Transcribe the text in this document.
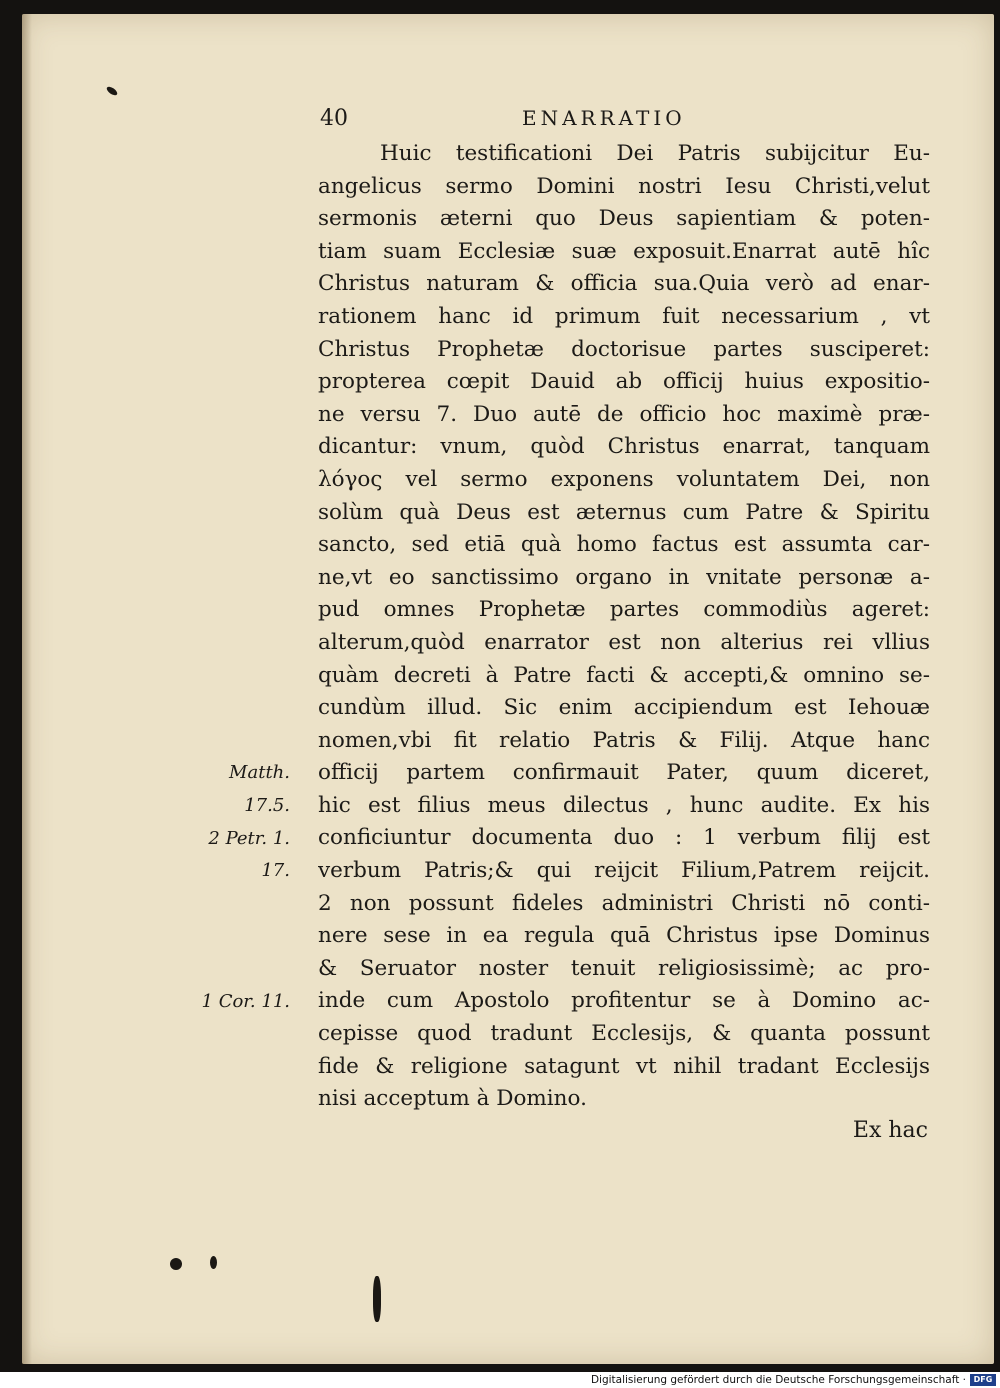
40	ENARRATIO
Huic testificationi Dei Patris subijcitur Eu-
angelicus sermo Domini nostri Iesu Christi,velut
sermonis æterni quo Deus sapientiam & poten-
tiam suam Ecclesiæ suæ exposuit.Enarrat autē hîc
Christus naturam & officia sua.Quia verò ad enar-
rationem hanc id primum fuit necessarium , vt
Christus Prophetæ doctorisue partes susciperet:
propterea cœpit Dauid ab officij huius expositio-
ne versu 7. Duo autē de officio hoc maximè præ-
dicantur: vnum, quòd Christus enarrat, tanquam
λόγος vel sermo exponens voluntatem Dei, non
solùm quà Deus est æternus cum Patre & Spiritu
sancto, sed etiā quà homo factus est assumta car-
ne,vt eo sanctissimo organo in vnitate personæ a-
pud omnes Prophetæ partes commodiùs ageret:
alterum,quòd enarrator est non alterius rei vllius
quàm decreti à Patre facti & accepti,& omnino se-
cundùm illud. Sic enim accipiendum est Iehouæ
nomen,vbi fit relatio Patris & Filij. Atque hanc
officij partem confirmauit Pater, quum diceret,
hic est filius meus dilectus , hunc audite. Ex his
conficiuntur documenta duo : 1 verbum filij est
verbum Patris;& qui reijcit Filium,Patrem reijcit.
2 non possunt fideles administri Christi nō conti-
nere sese in ea regula quā Christus ipse Dominus
& Seruator noster tenuit religiosissimè; ac pro-
inde cum Apostolo profitentur se à Domino ac-
cepisse quod tradunt Ecclesijs, & quanta possunt
fide & religione satagunt vt nihil tradant Ecclesijs
nisi acceptum à Domino.
Matth.
17.5.
2 Petr. 1.
17.
1 Cor. 11.
Ex hac
Digitalisierung gefördert durch die Deutsche Forschungsgemeinschaft · DFG
